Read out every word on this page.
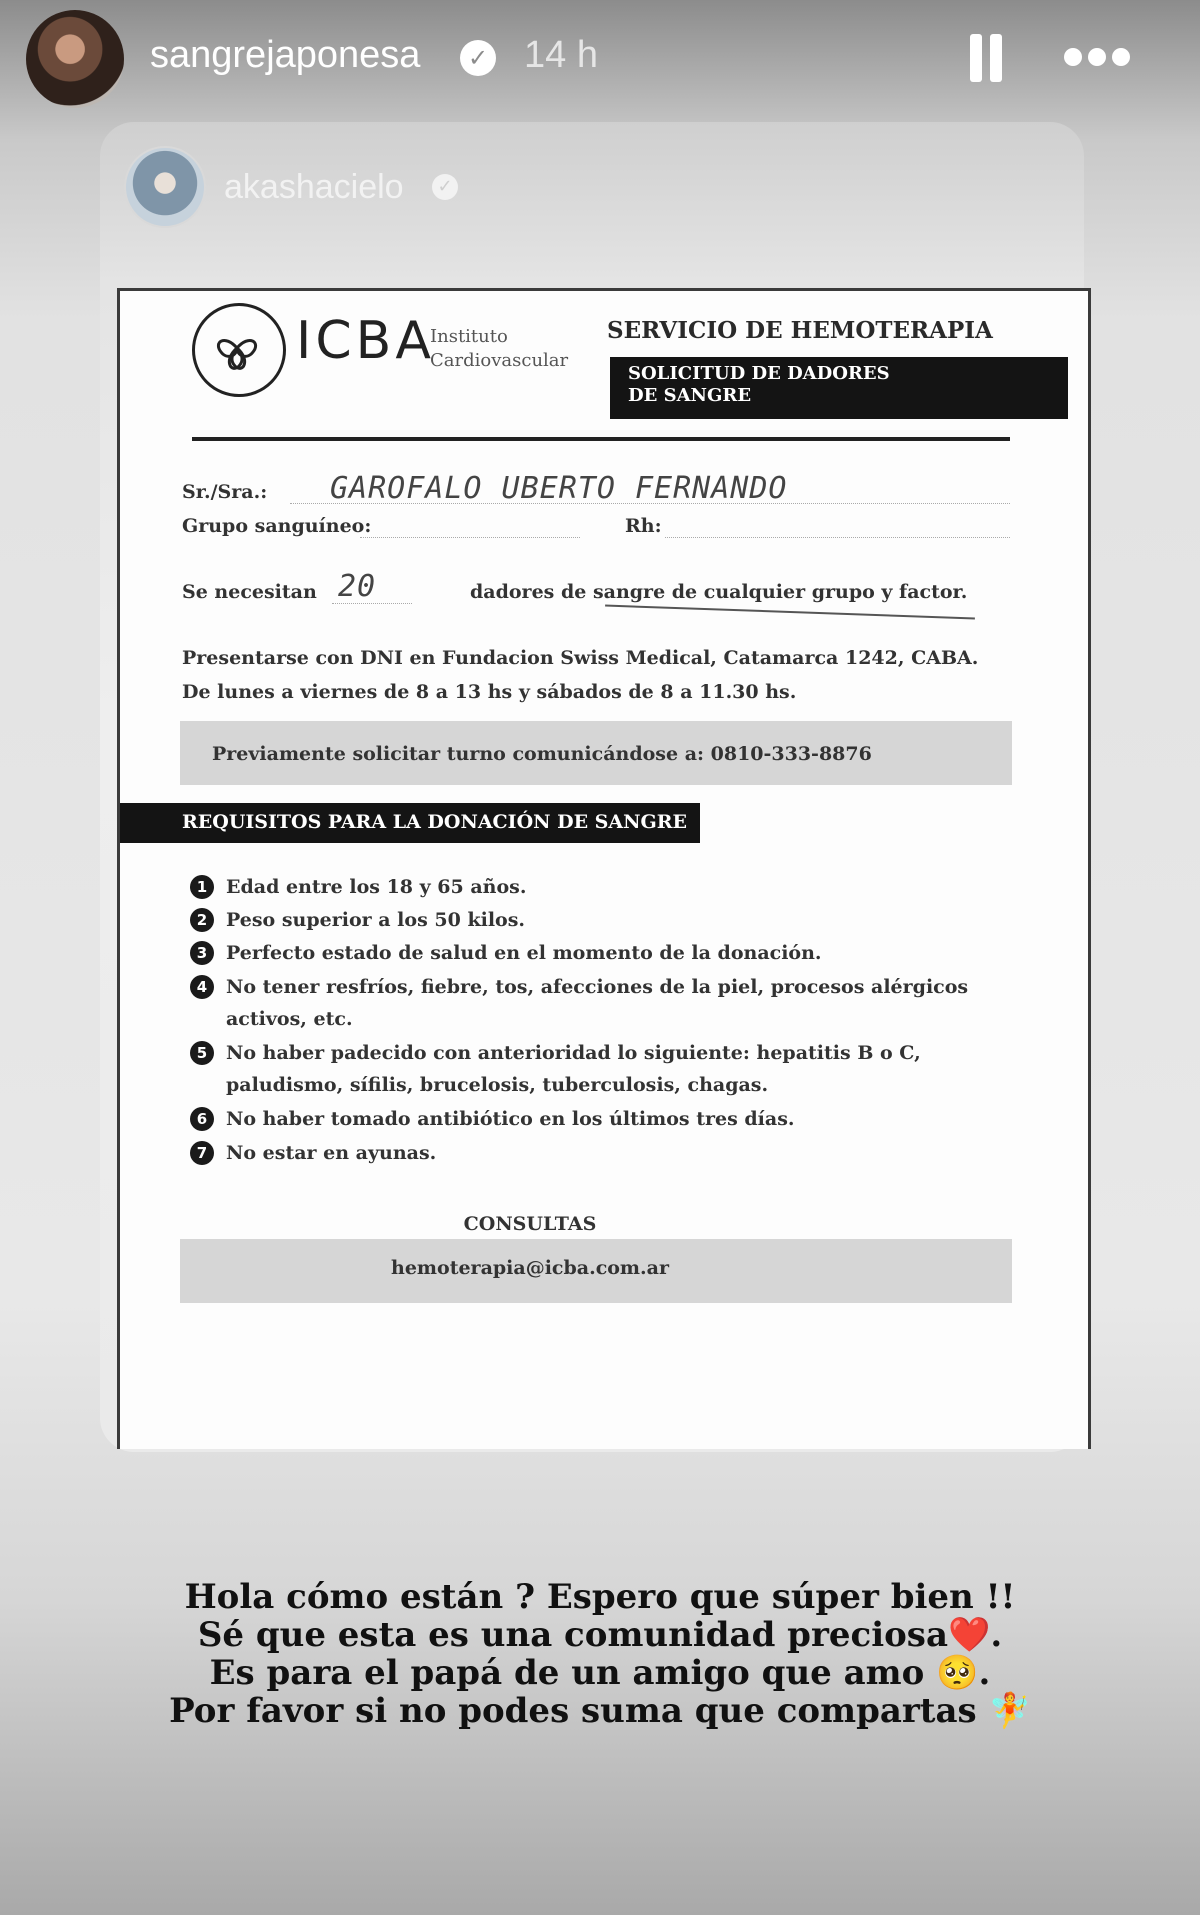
sangrejaponesa	✓ 14 h
akashacielo	✓
ICBA
Instituto
Cardiovascular
SERVICIO DE HEMOTERAPIA
SOLICITUD DE DADORES
DE SANGRE
Sr./Sra.: GAROFALO UBERTO FERNANDO
Grupo sanguíneo:	Rh:
Se necesitan 20	dadores de sangre de cualquier grupo y factor.
Presentarse con DNI en Fundacion Swiss Medical, Catamarca 1242, CABA.
De lunes a viernes de 8 a 13 hs y sábados de 8 a 11.30 hs.
Previamente solicitar turno comunicándose a: 0810-333-8876
REQUISITOS PARA LA DONACIÓN DE SANGRE
1 Edad entre los 18 y 65 años.
2 Peso superior a los 50 kilos.
3 Perfecto estado de salud en el momento de la donación.
4 No tener resfríos, fiebre, tos, afecciones de la piel, procesos alérgicos activos, etc.
5 No haber padecido con anterioridad lo siguiente: hepatitis B o C, paludismo, sífilis, brucelosis, tuberculosis, chagas.
6 No haber tomado antibiótico en los últimos tres días.
7 No estar en ayunas.
CONSULTAS
hemoterapia@icba.com.ar
Hola cómo están ? Espero que súper bien !!
Sé que esta es una comunidad preciosa❤️.
Es para el papá de un amigo que amo 🥺.
Por favor si no podes suma que compartas 🧚
